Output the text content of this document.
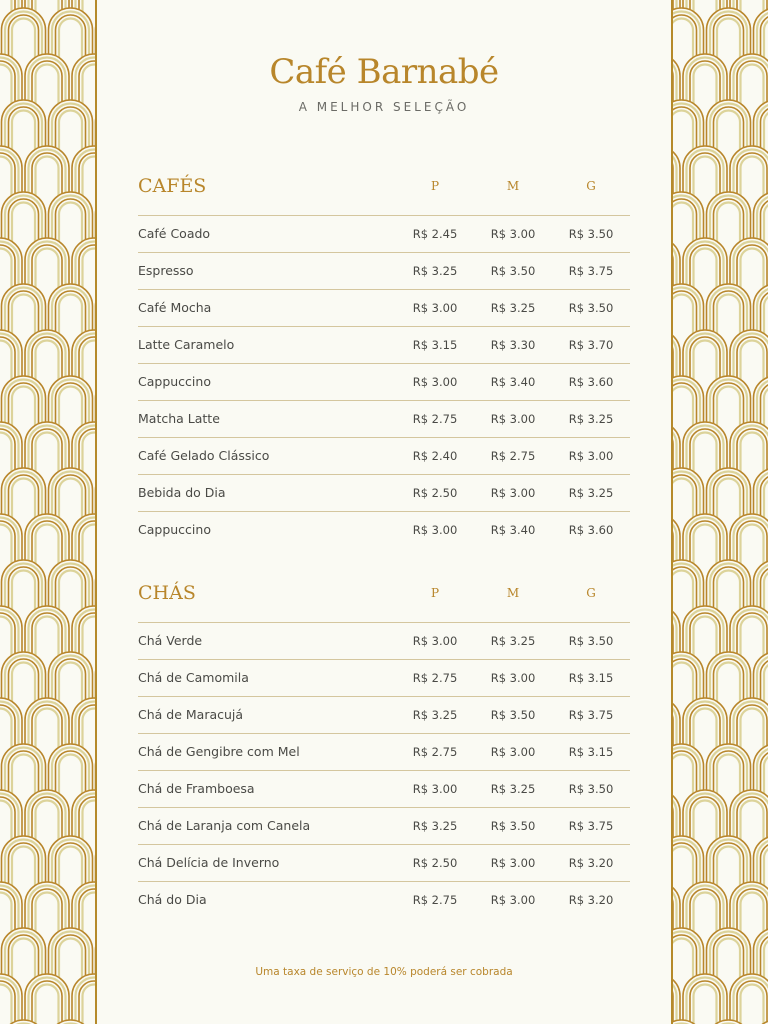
Café Barnabé
A MELHOR SELEÇÃO
CAFÉS	P	M	G
Café Coado	R$ 2.45	R$ 3.00	R$ 3.50
Espresso	R$ 3.25	R$ 3.50	R$ 3.75
Café Mocha	R$ 3.00	R$ 3.25	R$ 3.50
Latte Caramelo	R$ 3.15	R$ 3.30	R$ 3.70
Cappuccino	R$ 3.00	R$ 3.40	R$ 3.60
Matcha Latte	R$ 2.75	R$ 3.00	R$ 3.25
Café Gelado Clássico	R$ 2.40	R$ 2.75	R$ 3.00
Bebida do Dia	R$ 2.50	R$ 3.00	R$ 3.25
Cappuccino	R$ 3.00	R$ 3.40	R$ 3.60
CHÁS	P	M	G
Chá Verde	R$ 3.00	R$ 3.25	R$ 3.50
Chá de Camomila	R$ 2.75	R$ 3.00	R$ 3.15
Chá de Maracujá	R$ 3.25	R$ 3.50	R$ 3.75
Chá de Gengibre com Mel	R$ 2.75	R$ 3.00	R$ 3.15
Chá de Framboesa	R$ 3.00	R$ 3.25	R$ 3.50
Chá de Laranja com Canela	R$ 3.25	R$ 3.50	R$ 3.75
Chá Delícia de Inverno	R$ 2.50	R$ 3.00	R$ 3.20
Chá do Dia	R$ 2.75	R$ 3.00	R$ 3.20
Uma taxa de serviço de 10% poderá ser cobrada
